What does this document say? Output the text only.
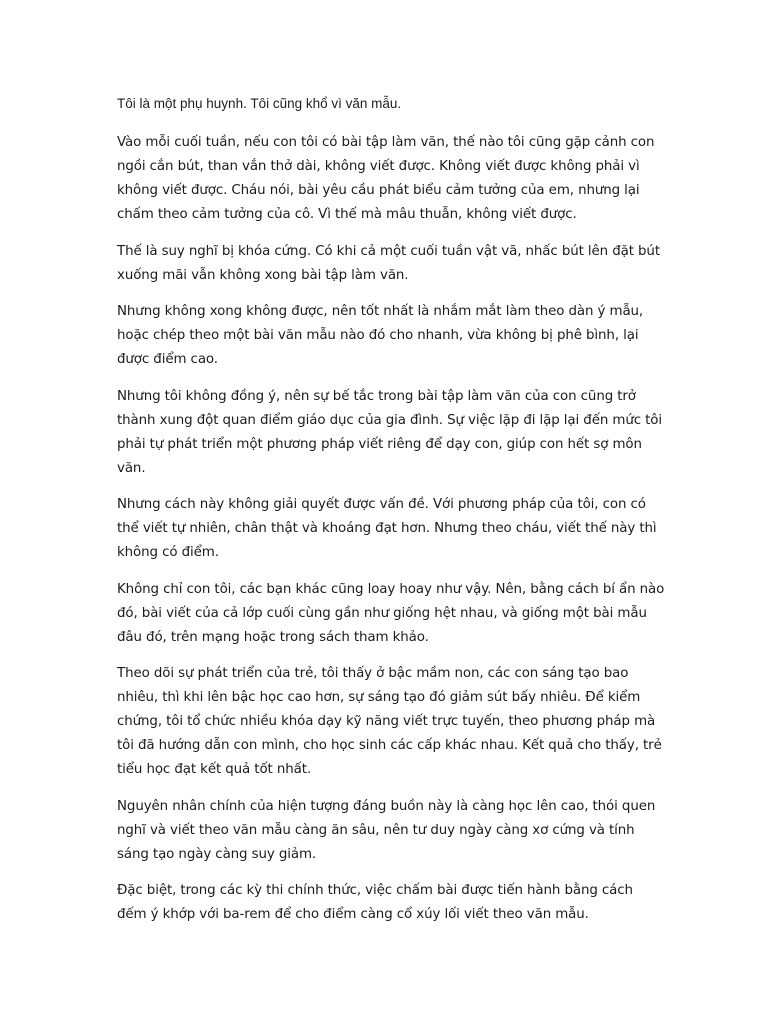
Tôi là một phụ huynh. Tôi cũng khổ vì văn mẫu.

Vào mỗi cuối tuần, nếu con tôi có bài tập làm văn, thế nào tôi cũng gặp cảnh con ngồi cắn bút, than vắn thở dài, không viết được. Không viết được không phải vì không viết được. Cháu nói, bài yêu cầu phát biểu cảm tưởng của em, nhưng lại chấm theo cảm tưởng của cô. Vì thế mà mâu thuẫn, không viết được.

Thế là suy nghĩ bị khóa cứng. Có khi cả một cuối tuần vật vã, nhấc bút lên đặt bút xuống mãi vẫn không xong bài tập làm văn.

Nhưng không xong không được, nên tốt nhất là nhắm mắt làm theo dàn ý mẫu, hoặc chép theo một bài văn mẫu nào đó cho nhanh, vừa không bị phê bình, lại được điểm cao.

Nhưng tôi không đồng ý, nên sự bế tắc trong bài tập làm văn của con cũng trở thành xung đột quan điểm giáo dục của gia đình. Sự việc lặp đi lặp lại đến mức tôi phải tự phát triển một phương pháp viết riêng để dạy con, giúp con hết sợ môn văn.

Nhưng cách này không giải quyết được vấn đề. Với phương pháp của tôi, con có thể viết tự nhiên, chân thật và khoáng đạt hơn. Nhưng theo cháu, viết thế này thì không có điểm.

Không chỉ con tôi, các bạn khác cũng loay hoay như vậy. Nên, bằng cách bí ẩn nào đó, bài viết của cả lớp cuối cùng gần như giống hệt nhau, và giống một bài mẫu đâu đó, trên mạng hoặc trong sách tham khảo.

Theo dõi sự phát triển của trẻ, tôi thấy ở bậc mầm non, các con sáng tạo bao nhiêu, thì khi lên bậc học cao hơn, sự sáng tạo đó giảm sút bấy nhiêu. Để kiểm chứng, tôi tổ chức nhiều khóa dạy kỹ năng viết trực tuyến, theo phương pháp mà tôi đã hướng dẫn con mình, cho học sinh các cấp khác nhau. Kết quả cho thấy, trẻ tiểu học đạt kết quả tốt nhất.

Nguyên nhân chính của hiện tượng đáng buồn này là càng học lên cao, thói quen nghĩ và viết theo văn mẫu càng ăn sâu, nên tư duy ngày càng xơ cứng và tính sáng tạo ngày càng suy giảm.

Đặc biệt, trong các kỳ thi chính thức, việc chấm bài được tiến hành bằng cách đếm ý khớp với ba-rem để cho điểm càng cổ xúy lối viết theo văn mẫu.
